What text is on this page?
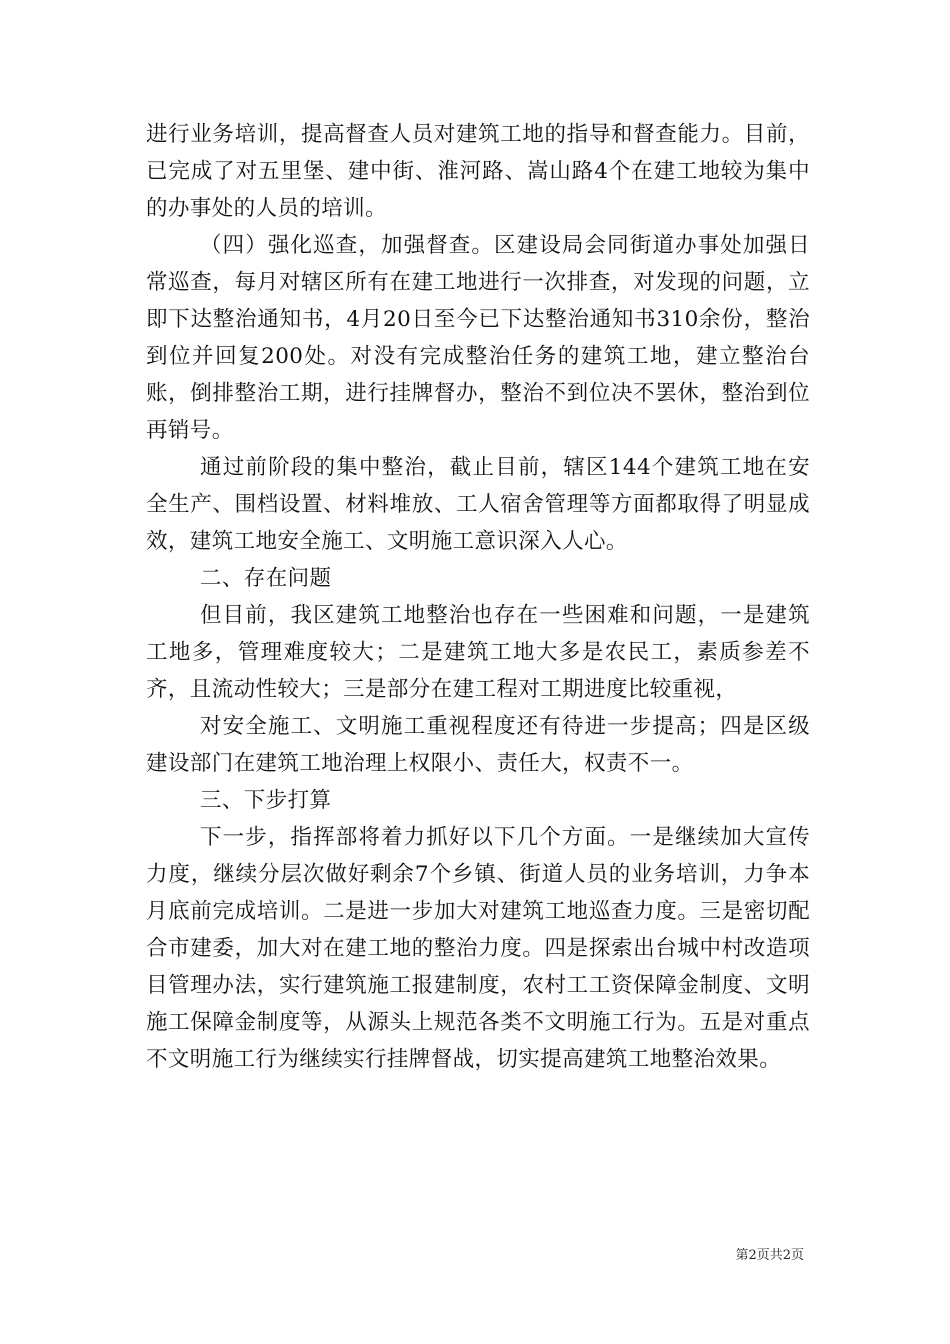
进行业务培训，提高督查人员对建筑工地的指导和督查能力。目前，已完成了对五里堡、建中街、淮河路、嵩山路4个在建工地较为集中的办事处的人员的培训。

（四）强化巡查，加强督查。区建设局会同街道办事处加强日常巡查，每月对辖区所有在建工地进行一次排查，对发现的问题，立即下达整治通知书，4月20日至今已下达整治通知书310余份，整治到位并回复200处。对没有完成整治任务的建筑工地，建立整治台账，倒排整治工期，进行挂牌督办，整治不到位决不罢休，整治到位再销号。

通过前阶段的集中整治，截止目前，辖区144个建筑工地在安全生产、围档设置、材料堆放、工人宿舍管理等方面都取得了明显成效，建筑工地安全施工、文明施工意识深入人心。

二、存在问题

但目前，我区建筑工地整治也存在一些困难和问题，一是建筑工地多，管理难度较大；二是建筑工地大多是农民工，素质参差不齐，且流动性较大；三是部分在建工程对工期进度比较重视，

对安全施工、文明施工重视程度还有待进一步提高；四是区级建设部门在建筑工地治理上权限小、责任大，权责不一。

三、下步打算

下一步，指挥部将着力抓好以下几个方面。一是继续加大宣传力度，继续分层次做好剩余7个乡镇、街道人员的业务培训，力争本月底前完成培训。二是进一步加大对建筑工地巡查力度。三是密切配合市建委，加大对在建工地的整治力度。四是探索出台城中村改造项目管理办法，实行建筑施工报建制度，农村工工资保障金制度、文明施工保障金制度等，从源头上规范各类不文明施工行为。五是对重点不文明施工行为继续实行挂牌督战，切实提高建筑工地整治效果。

第2页共2页
